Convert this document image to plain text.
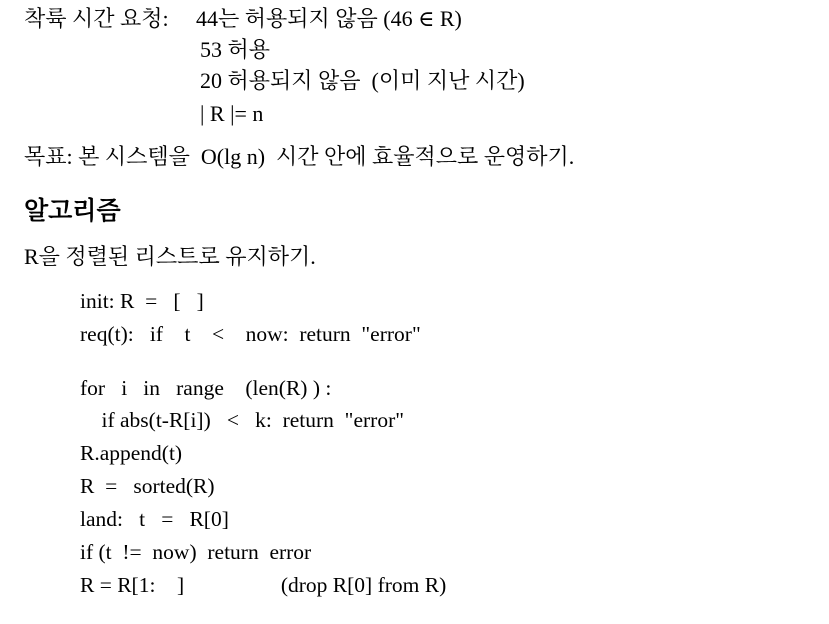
착륙 시간 요청: 44는 허용되지 않음 (46 ∈ R)
53 허용
20 허용되지 않음  (이미 지난 시간)
| R |= n
목표: 본 시스템을  O(lg n)  시간 안에 효율적으로 운영하기.
알고리즘
R을 정렬된 리스트로 유지하기.
init: R  =   [   ]
req(t):   if    t    <    now:  return  "error"
for   i   in   range    (len(R) ) :
if abs(t-R[i])   <   k:  return  "error"
R.append(t)
R  =   sorted(R)
land:   t   =   R[0]
if (t  !=  now)  return  error
R = R[1:    ]                  (drop R[0] from R)
